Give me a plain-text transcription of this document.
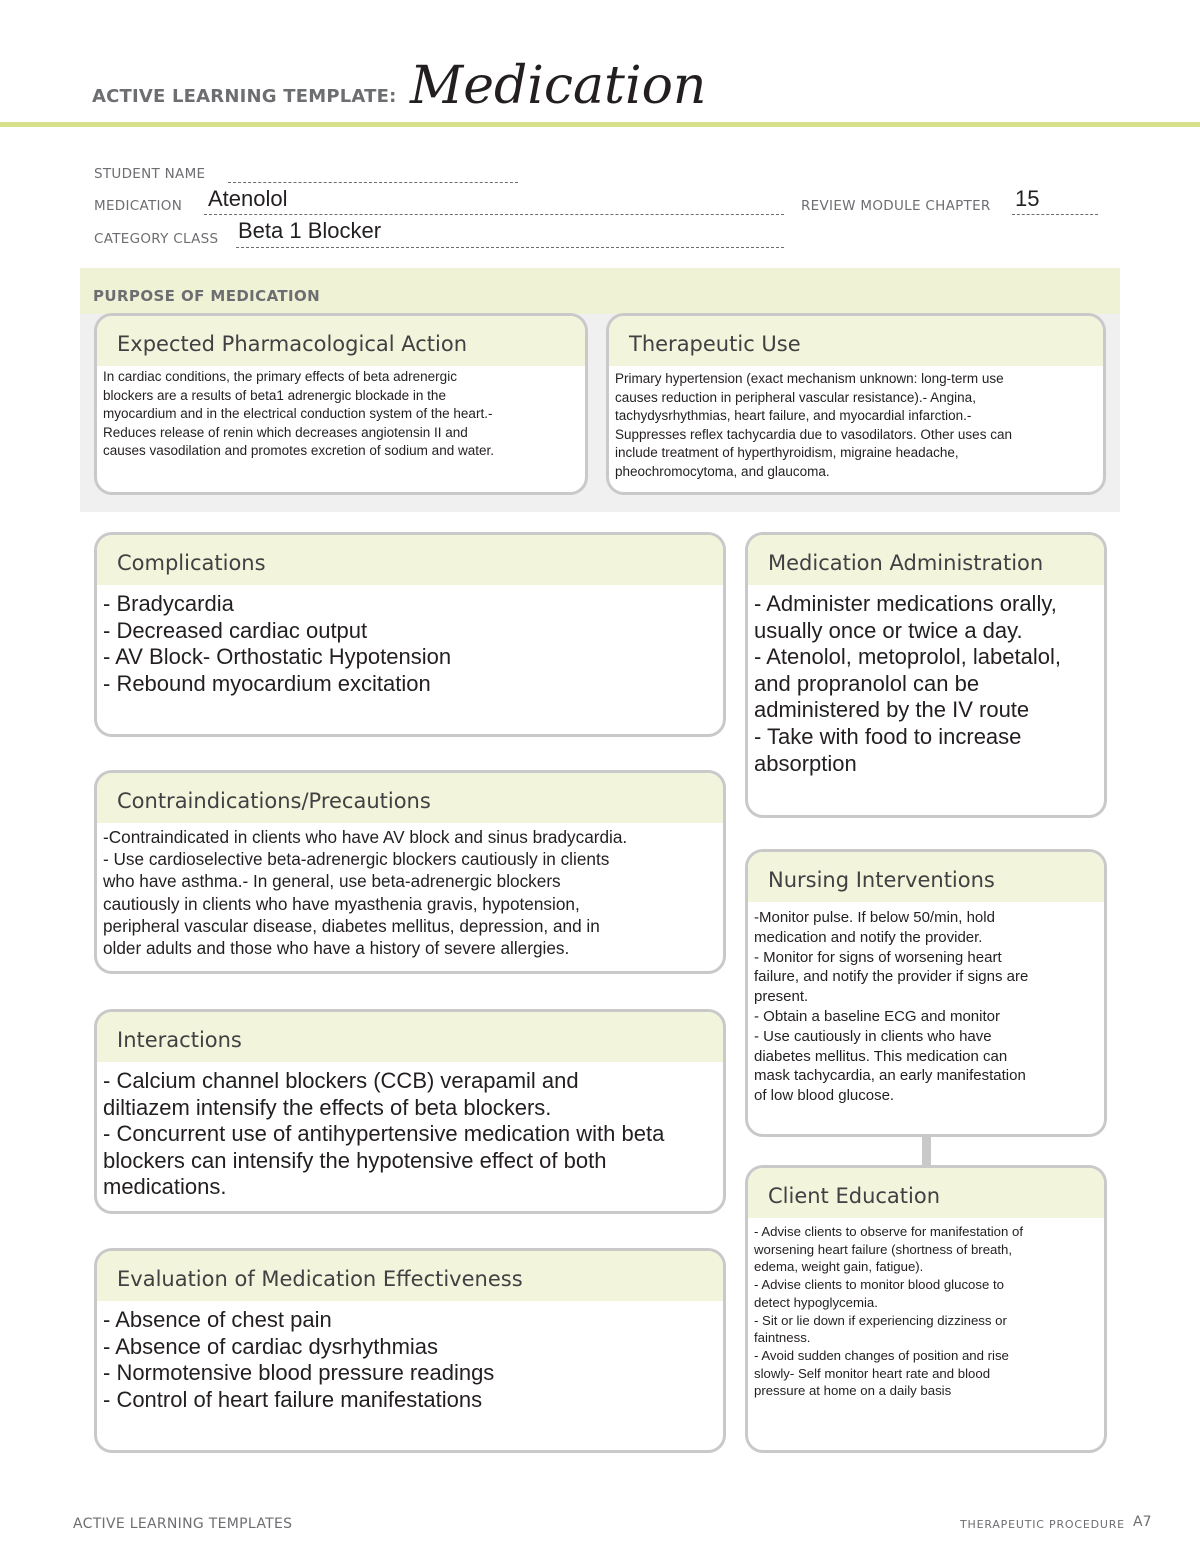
ACTIVE LEARNING TEMPLATE: Medication
STUDENT NAME
MEDICATION Atenolol	REVIEW MODULE CHAPTER 15
CATEGORY CLASS Beta 1 Blocker
PURPOSE OF MEDICATION
Expected Pharmacological Action
In cardiac conditions, the primary effects of beta adrenergic
blockers are a results of beta1 adrenergic blockade in the
myocardium and in the electrical conduction system of the heart.-
Reduces release of renin which decreases angiotensin II and
causes vasodilation and promotes excretion of sodium and water.
Therapeutic Use
Primary hypertension (exact mechanism unknown: long-term use
causes reduction in peripheral vascular resistance).- Angina,
tachydysrhythmias, heart failure, and myocardial infarction.-
Suppresses reflex tachycardia due to vasodilators. Other uses can
include treatment of hyperthyroidism, migraine headache,
pheochromocytoma, and glaucoma.
Complications
- Bradycardia
- Decreased cardiac output
- AV Block- Orthostatic Hypotension
- Rebound myocardium excitation
Medication Administration
- Administer medications orally,
usually once or twice a day.
- Atenolol, metoprolol, labetalol,
and propranolol can be
administered by the IV route
- Take with food to increase
absorption
Contraindications/Precautions
-Contraindicated in clients who have AV block and sinus bradycardia.
- Use cardioselective beta-adrenergic blockers cautiously in clients
who have asthma.- In general, use beta-adrenergic blockers
cautiously in clients who have myasthenia gravis, hypotension,
peripheral vascular disease, diabetes mellitus, depression, and in
older adults and those who have a history of severe allergies.
Nursing Interventions
-Monitor pulse. If below 50/min, hold
medication and notify the provider.
- Monitor for signs of worsening heart
failure, and notify the provider if signs are
present.
- Obtain a baseline ECG and monitor
- Use cautiously in clients who have
diabetes mellitus. This medication can
mask tachycardia, an early manifestation
of low blood glucose.
Interactions
- Calcium channel blockers (CCB) verapamil and
diltiazem intensify the effects of beta blockers.
- Concurrent use of antihypertensive medication with beta
blockers can intensify the hypotensive effect of both
medications.	Client Education
- Advise clients to observe for manifestation of
worsening heart failure (shortness of breath,
edema, weight gain, fatigue).
- Advise clients to monitor blood glucose to
detect hypoglycemia.
- Sit or lie down if experiencing dizziness or
faintness.
- Avoid sudden changes of position and rise
slowly- Self monitor heart rate and blood
pressure at home on a daily basis
Evaluation of Medication Effectiveness
- Absence of chest pain
- Absence of cardiac dysrhythmias
- Normotensive blood pressure readings
- Control of heart failure manifestations
ACTIVE LEARNING TEMPLATES	THERAPEUTIC PROCEDURE A7
